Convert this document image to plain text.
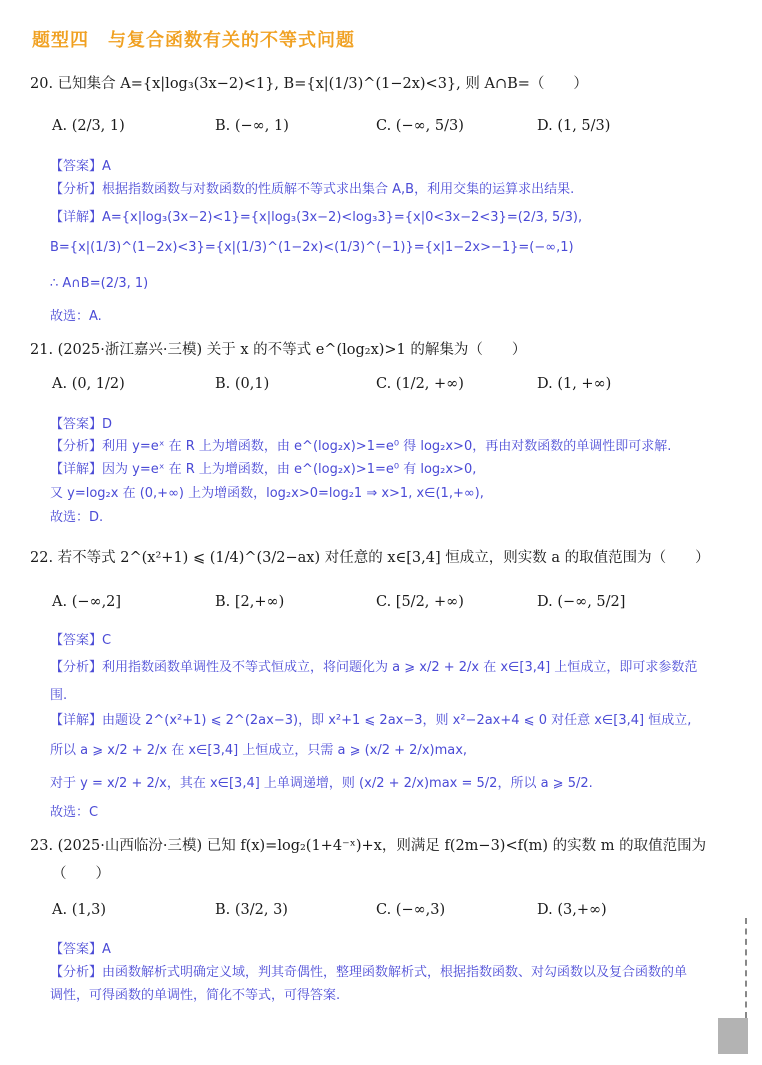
题型四　与复合函数有关的不等式问题
20. 已知集合 A={x|log₃(3x−2)<1}, B={x|(1/3)^(1−2x)<3}, 则 A∩B=（　　）
A. (2/3, 1)	B. (−∞, 1)	C. (−∞, 5/3)	D. (1, 5/3)
【答案】A
【分析】根据指数函数与对数函数的性质解不等式求出集合 A,B，利用交集的运算求出结果.
【详解】A={x|log₃(3x−2)<1}={x|log₃(3x−2)<log₃3}={x|0<3x−2<3}=(2/3, 5/3),
B={x|(1/3)^(1−2x)<3}={x|(1/3)^(1−2x)<(1/3)^(−1)}={x|1−2x>−1}=(−∞,1)
∴ A∩B=(2/3, 1)
故选：A.
21. (2025·浙江嘉兴·三模) 关于 x 的不等式 e^(log₂x)>1 的解集为（　　）
A. (0, 1/2)	B. (0,1)	C. (1/2, +∞)	D. (1, +∞)
【答案】D
【分析】利用 y=eˣ 在 R 上为增函数，由 e^(log₂x)>1=e⁰ 得 log₂x>0，再由对数函数的单调性即可求解.
【详解】因为 y=eˣ 在 R 上为增函数，由 e^(log₂x)>1=e⁰ 有 log₂x>0,
又 y=log₂x 在 (0,+∞) 上为增函数，log₂x>0=log₂1 ⇒ x>1, x∈(1,+∞),
故选：D.
22. 若不等式 2^(x²+1) ⩽ (1/4)^(3/2−ax) 对任意的 x∈[3,4] 恒成立，则实数 a 的取值范围为（　　）
A. (−∞,2]	B. [2,+∞)	C. [5/2, +∞)	D. (−∞, 5/2]
【答案】C
【分析】利用指数函数单调性及不等式恒成立，将问题化为 a ⩾ x/2 + 2/x 在 x∈[3,4] 上恒成立，即可求参数范
围.
【详解】由题设 2^(x²+1) ⩽ 2^(2ax−3)，即 x²+1 ⩽ 2ax−3，则 x²−2ax+4 ⩽ 0 对任意 x∈[3,4] 恒成立,
所以 a ⩾ x/2 + 2/x 在 x∈[3,4] 上恒成立，只需 a ⩾ (x/2 + 2/x)max,
对于 y = x/2 + 2/x，其在 x∈[3,4] 上单调递增，则 (x/2 + 2/x)max = 5/2，所以 a ⩾ 5/2.
故选：C
23. (2025·山西临汾·三模) 已知 f(x)=log₂(1+4⁻ˣ)+x，则满足 f(2m−3)<f(m) 的实数 m 的取值范围为
（　　）
A. (1,3)	B. (3/2, 3)	C. (−∞,3)	D. (3,+∞)
【答案】A
【分析】由函数解析式明确定义域，判其奇偶性，整理函数解析式，根据指数函数、对勾函数以及复合函数的单
调性，可得函数的单调性，简化不等式，可得答案.
